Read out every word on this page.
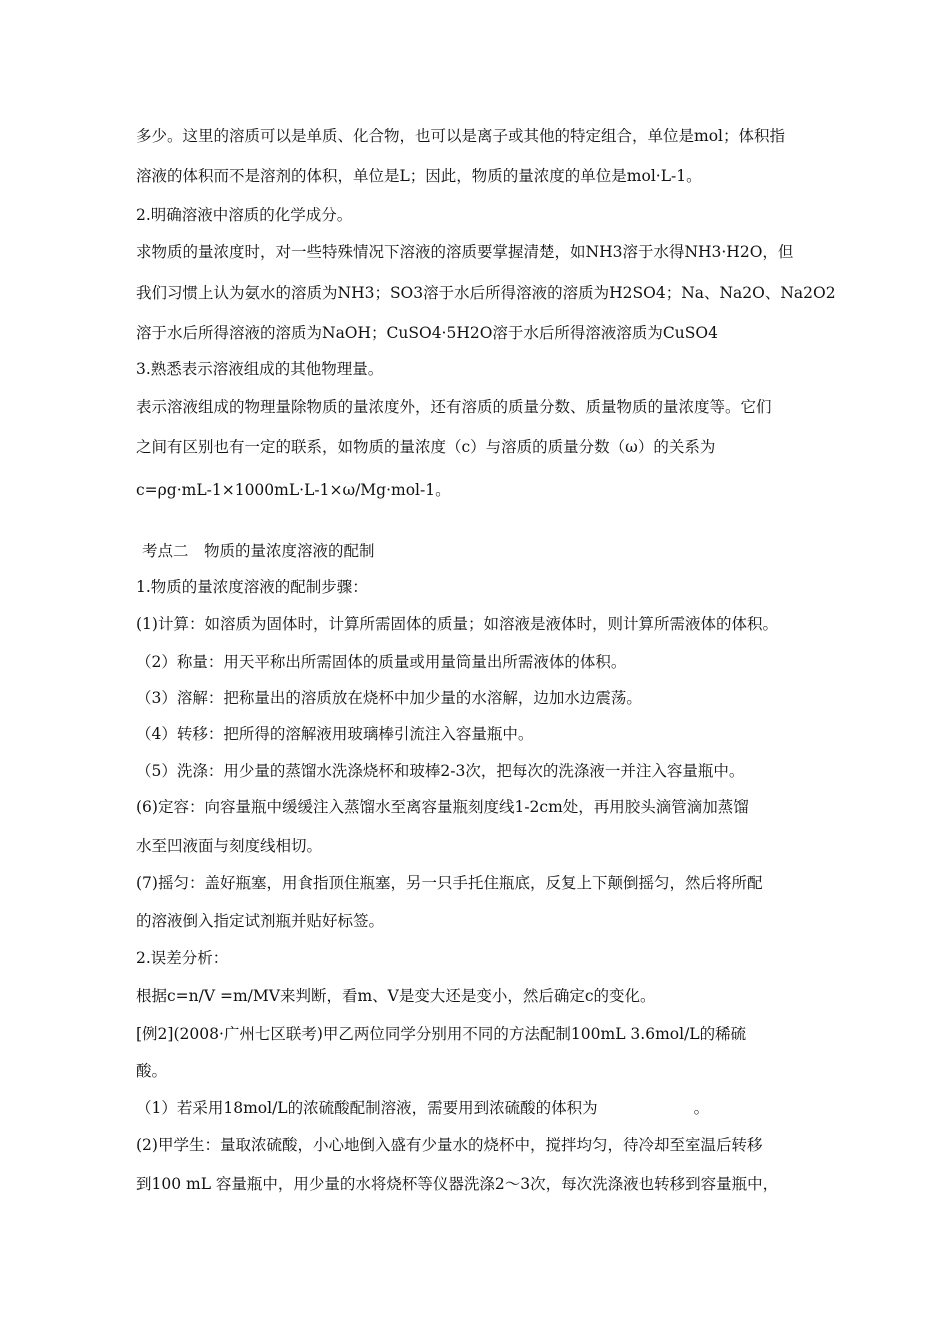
多少。这里的溶质可以是单质、化合物，也可以是离子或其他的特定组合，单位是mol；体积指
溶液的体积而不是溶剂的体积，单位是L；因此，物质的量浓度的单位是mol·L-1。
2.明确溶液中溶质的化学成分。
求物质的量浓度时，对一些特殊情况下溶液的溶质要掌握清楚，如NH3溶于水得NH3·H2O，但
我们习惯上认为氨水的溶质为NH3；SO3溶于水后所得溶液的溶质为H2SO4；Na、Na2O、Na2O2
溶于水后所得溶液的溶质为NaOH；CuSO4·5H2O溶于水后所得溶液溶质为CuSO4
3.熟悉表示溶液组成的其他物理量。
表示溶液组成的物理量除物质的量浓度外，还有溶质的质量分数、质量物质的量浓度等。它们
之间有区别也有一定的联系，如物质的量浓度（c）与溶质的质量分数（ω）的关系为
c=ρg·mL-1×1000mL·L-1×ω/Mg·mol-1。
考点二　物质的量浓度溶液的配制
1.物质的量浓度溶液的配制步骤：
(1)计算：如溶质为固体时，计算所需固体的质量；如溶液是液体时，则计算所需液体的体积。
（2）称量：用天平称出所需固体的质量或用量筒量出所需液体的体积。
（3）溶解：把称量出的溶质放在烧杯中加少量的水溶解，边加水边震荡。
（4）转移：把所得的溶解液用玻璃棒引流注入容量瓶中。
（5）洗涤：用少量的蒸馏水洗涤烧杯和玻棒2-3次，把每次的洗涤液一并注入容量瓶中。
(6)定容：向容量瓶中缓缓注入蒸馏水至离容量瓶刻度线1-2cm处，再用胶头滴管滴加蒸馏
水至凹液面与刻度线相切。
(7)摇匀：盖好瓶塞，用食指顶住瓶塞，另一只手托住瓶底，反复上下颠倒摇匀，然后将所配
的溶液倒入指定试剂瓶并贴好标签。
2.误差分析：
根据c=n/V =m/MV来判断，看m、V是变大还是变小，然后确定c的变化。
[例2](2008·广州七区联考)甲乙两位同学分别用不同的方法配制100mL 3.6mol/L的稀硫
酸。
（1）若采用18mol/L的浓硫酸配制溶液，需要用到浓硫酸的体积为	。
(2)甲学生：量取浓硫酸，小心地倒入盛有少量水的烧杯中，搅拌均匀，待冷却至室温后转移
到100 mL 容量瓶中，用少量的水将烧杯等仪器洗涤2～3次，每次洗涤液也转移到容量瓶中，
